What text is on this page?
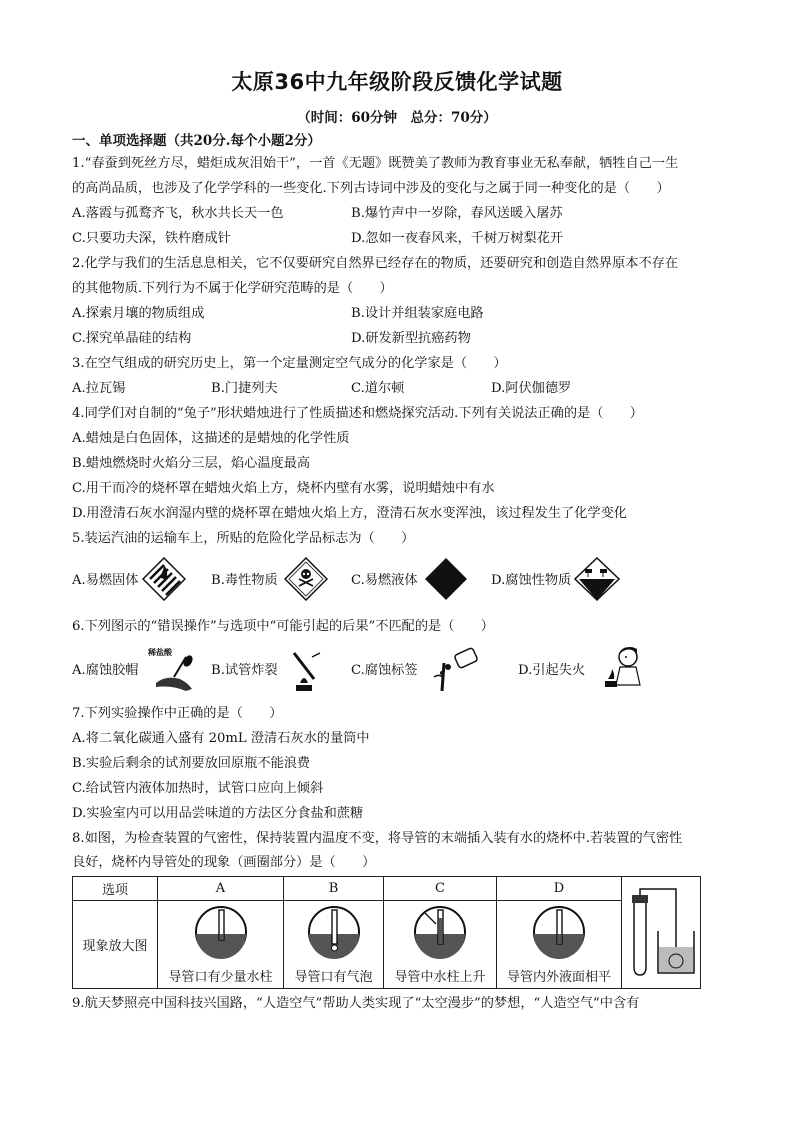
太原36中九年级阶段反馈化学试题
（时间：60分钟　总分：70分）
一、单项选择题（共20分.每个小题2分）
1.“春蚕到死丝方尽，蜡炬成灰泪始干”，一首《无题》既赞美了教师为教育事业无私奉献，牺牲自己一生
的高尚品质，也涉及了化学学科的一些变化.下列古诗词中涉及的变化与之属于同一种变化的是（　　）
A.落霞与孤鹜齐飞，秋水共长天一色	B.爆竹声中一岁除，春风送暖入屠苏
C.只要功夫深，铁杵磨成针	D.忽如一夜春风来，千树万树梨花开
2.化学与我们的生活息息相关，它不仅要研究自然界已经存在的物质，还要研究和创造自然界原本不存在
的其他物质.下列行为不属于化学研究范畴的是（　　）
A.探索月壤的物质组成	B.设计并组装家庭电路
C.探究单晶硅的结构	D.研发新型抗癌药物
3.在空气组成的研究历史上，第一个定量测定空气成分的化学家是（　　）
A.拉瓦锡	B.门捷列夫	C.道尔顿	D.阿伏伽德罗
4.同学们对自制的“兔子”形状蜡烛进行了性质描述和燃烧探究活动.下列有关说法正确的是（　　）
A.蜡烛是白色固体，这描述的是蜡烛的化学性质
B.蜡烛燃烧时火焰分三层，焰心温度最高
C.用干而冷的烧杯罩在蜡烛火焰上方，烧杯内壁有水雾，说明蜡烛中有水
D.用澄清石灰水润湿内壁的烧杯罩在蜡烛火焰上方，澄清石灰水变浑浊，该过程发生了化学变化
5.装运汽油的运输车上，所贴的危险化学品标志为（　　）
A.易燃固体	B.毒性物质	C.易燃液体	D.腐蚀性物质
6.下列图示的“错误操作”与选项中“可能引起的后果”不匹配的是（　　）
A.腐蚀胶帽
稀盐酸
B.试管炸裂	C.腐蚀标签	D.引起失火
7.下列实验操作中正确的是（　　）
A.将二氧化碳通入盛有 20mL 澄清石灰水的量筒中
B.实验后剩余的试剂要放回原瓶不能浪费
C.给试管内液体加热时，试管口应向上倾斜
D.实验室内可以用品尝味道的方法区分食盐和蔗糖
8.如图，为检查装置的气密性，保持装置内温度不变，将导管的末端插入装有水的烧杯中.若装置的气密性
良好，烧杯内导管处的现象（画圈部分）是（　　）
选项	A	B	C	D	
现象放大图	导管口有少量水柱	导管口有气泡	导管中水柱上升	导管内外液面相平	
9.航天梦照亮中国科技兴国路，“人造空气”帮助人类实现了“太空漫步”的梦想，“人造空气”中含有
